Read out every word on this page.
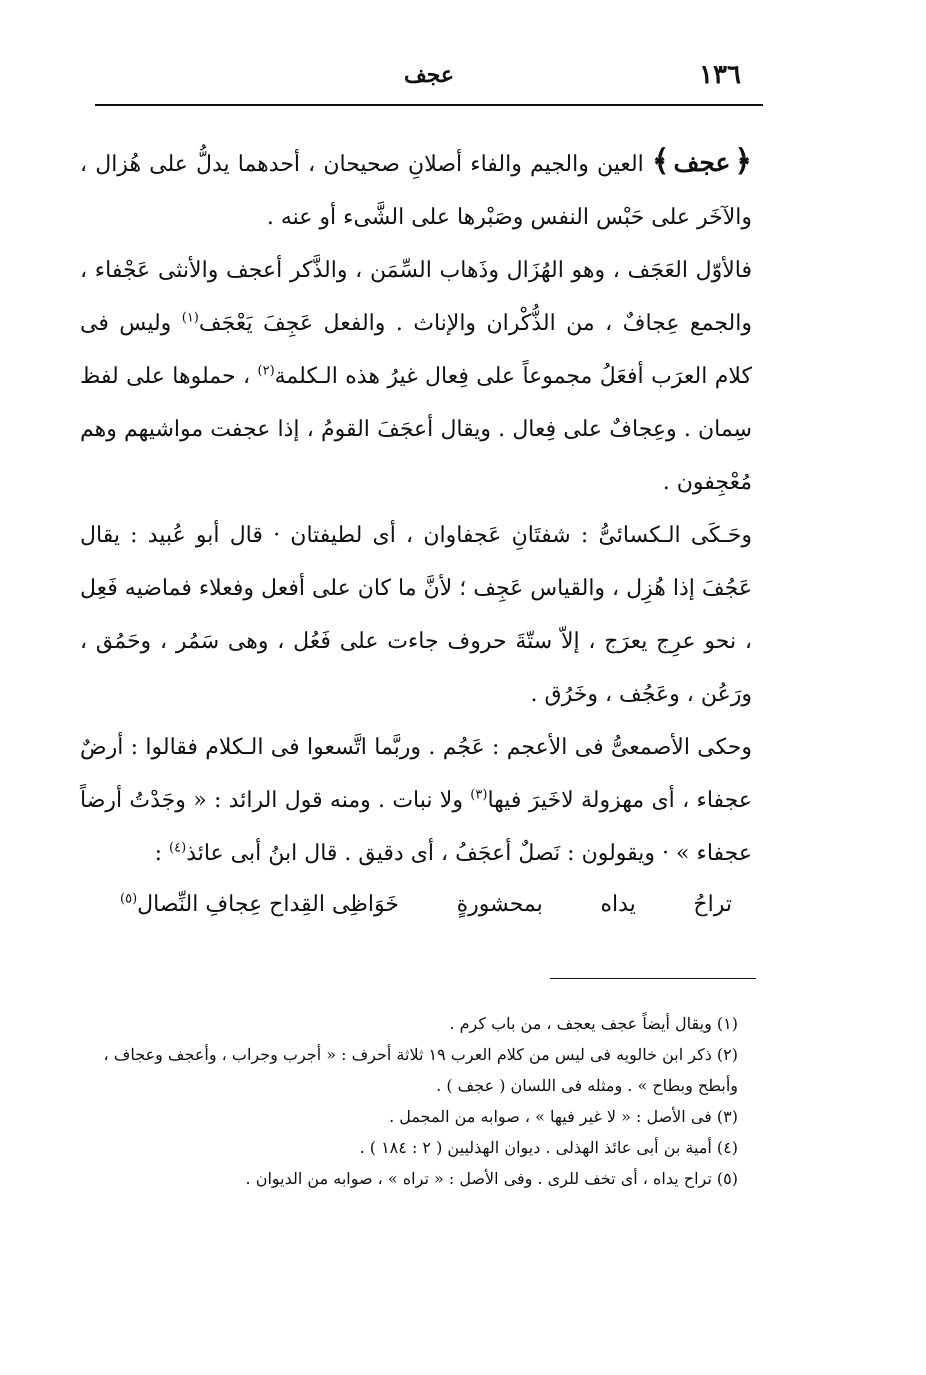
١٣٦
عجف

﴿عجف﴾ العين والجيم والفاء أصلانِ صحيحان ، أحدهما يدلُّ على هُزال ، والآخَر على حَبْس النفس وصَبْرها على الشَّىء أو عنه .

فالأوّل العَجَف ، وهو الهُزَال وذَهاب السِّمَن ، والذَّكر أعجف والأنثى عَجْفاء ، والجمع عِجافٌ ، من الذُّكْران والإناث . والفعل عَجِفَ يَعْجَف$^{(١)}$ وليس فى كلام العرَب أفعَلُ مجموعاً على فِعال غيرُ هذه الـكلمة$^{(٢)}$ ، حملوها على لفظ سِمان . وعِجافٌ على فِعال . ويقال أعجَفَ القومُ ، إذا عجفت مواشيهم وهم مُعْجِفون .

وحَـكَى الـكسائىُّ : شفتَانِ عَجفاوان ، أى لطيفتان · قال أبو عُبيد : يقال عَجُفَ إذا هُزِل ، والقياس عَجِف ؛ لأنَّ ما كان على أفعل وفعلاء فماضيه فَعِل ، نحو عرِج يعرَج ، إلاّ ستّةَ حروف جاءت على فَعُل ، وهى سَمُر ، وحَمُق ، ورَعُن ، وعَجُف ، وخَرُق .

وحكى الأصمعىُّ فى الأعجم : عَجُم . وربَّما اتَّسعوا فى الـكلام فقالوا : أرضٌ عجفاء ، أى مهزولة لاخَيرَ فيها$^{(٣)}$ ولا نبات . ومنه قول الرائد : « وجَدْتُ أرضاً عجفاء » · ويقولون : نَصلٌ أعجَفُ ، أى دقيق . قال ابنُ أبى عائذ$^{(٤)}$ :

تراحُ
يداه
بمحشورةٍ
خَوَاظِى القِداح عِجافِ النِّصال$^{(٥)}$
(١) ويقال أيضاً عجف يعجف ، من باب كرم .
(٢) ذكر ابن خالويه فى ليس من كلام العرب ١٩ ثلاثة أحرف : « أجرب وجراب ، وأعجف وعجاف ، وأبطح وبطاح » . ومثله فى اللسان ( عجف ) .
(٣) فى الأصل : « لا غير فيها » ، صوابه من المجمل .
(٤) أمية بن أبى عائذ الهذلى . ديوان الهذليين ( ٢ : ١٨٤ ) .
(٥) تراح يداه ، أى تخف للرى . وفى الأصل : « تراه » ، صوابه من الديوان .
